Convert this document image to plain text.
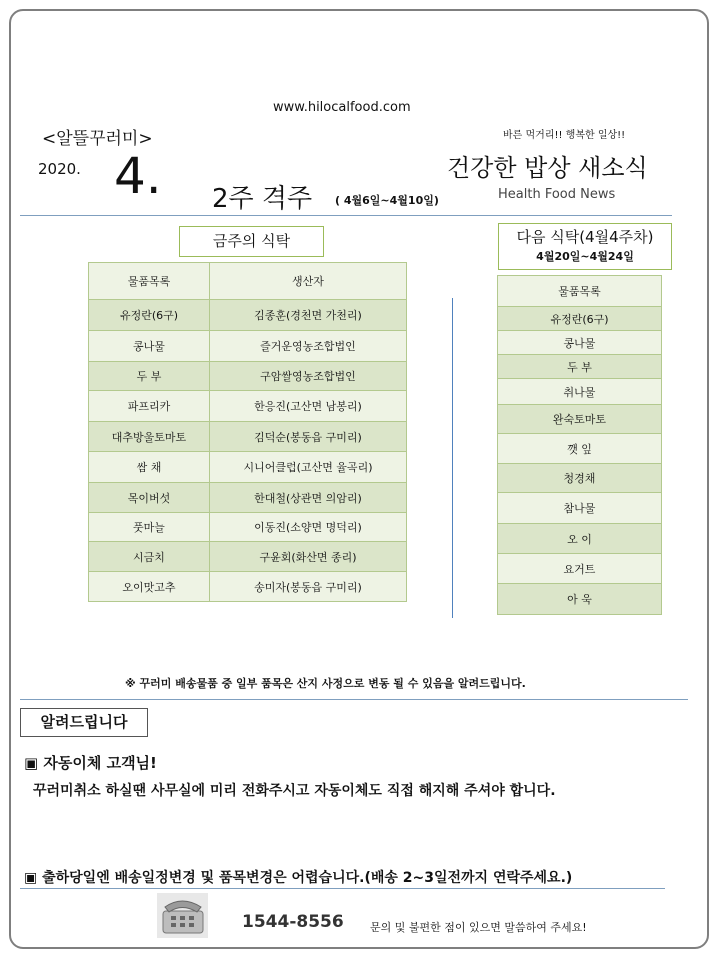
www.hilocalfood.com
<알뜰꾸러미>
2020. 4. 2주 격주 ( 4월6일~4월10일)
바른 먹거리!! 행복한 일상!!
건강한 밥상 새소식
Health Food News
금주의 식탁
물품목록	생산자
유정란(6구)	김종훈(경천면 가천리)
콩나물	즐거운영농조합법인
두 부	구암쌀영농조합법인
파프리카	한응진(고산면 남봉리)
대추방울토마토	김덕순(봉동읍 구미리)
쌈 채	시니어클럽(고산면 율곡리)
목이버섯	한대철(상관면 의암리)
풋마늘	이동진(소양면 명덕리)
시금치	구윤회(화산면 종리)
오이맛고추	송미자(봉동읍 구미리)
다음 식탁(4월4주차)
4월20일~4월24일
물품목록
유정란(6구)
콩나물
두 부
취나물
완숙토마토
깻 잎
청경채
참나물
오 이
요거트
아 욱
※ 꾸러미 배송물품 중 일부 품목은 산지 사정으로 변동 될 수 있음을 알려드립니다.
알려드립니다
▣ 자동이체 고객님!
꾸러미취소 하실땐 사무실에 미리 전화주시고 자동이체도 직접 해지해 주셔야 합니다.
▣ 출하당일엔 배송일정변경 및 품목변경은 어렵습니다.(배송 2~3일전까지 연락주세요.)
1544-8556 문의 및 불편한 점이 있으면 말씀하여 주세요!
